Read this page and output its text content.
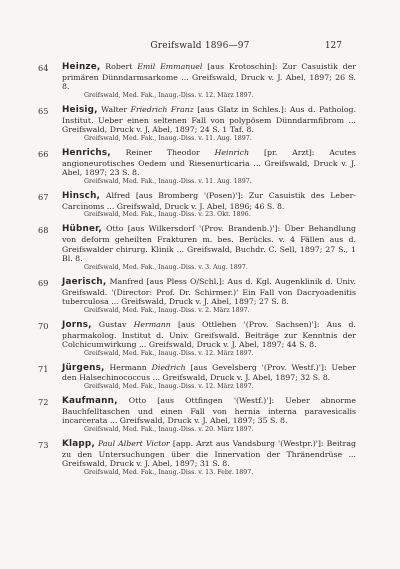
Greifswald 1896—97	127
64	Heinze, Robert Emil Emmanuel [aus Krotoschin]: Zur Casuistik der primären Dünndarmsarkome ... Greifswald, Druck v. J. Abel, 1897; 26 S. 8.
Greifswald, Med. Fak., Inaug.-Diss. v. 12. März 1897.
65	Heisig, Walter Friedrich Franz [aus Glatz in Schles.]: Aus d. Patholog. Institut. Ueber einen seltenen Fall von polypösem Dünndarmfibrom ... Greifswald, Druck v. J. Abel, 1897; 24 S. 1 Taf. 8.
Greifswald, Med. Fak., Inaug.-Diss. v. 11. Aug. 1897.
66	Henrichs, Reiner Theodor Heinrich [pr. Arzt]: Acutes angioneurotisches Oedem und Riesenurticaria ... Greifswald, Druck v. J. Abel, 1897; 23 S. 8.
Greifswald, Med. Fak., Inaug.-Diss. v. 11. Aug. 1897.
67	Hinsch, Alfred [aus Bromberg '(Posen)']: Zur Casuistik des Leber-Carcinoms ... Greifswald, Druck v. J. Abel, 1896; 46 S. 8.
Greifswald, Med. Fak., Inaug.-Diss. v. 23. Okt. 1896.
68	Hübner, Otto [aus Wilkersdorf '(Prov. Brandenb.)']: Über Behandlung von deform geheilten Frakturen m. bes. Berücks. v. 4 Fällen aus d. Greifswalder chirurg. Klinik ... Greifswald, Buchdr. C. Sell, 1897; 27 S., 1 Bl. 8.
Greifswald, Med. Fak., Inaug.-Diss. v. 3. Aug. 1897.
69	Jaerisch, Manfred [aus Pless O/Schl.]: Aus d. Kgl. Augenklinik d. Univ. Greifswald. '(Director: Prof. Dr. Schirmer.)' Ein Fall von Dacryoadenitis tuberculosa ... Greifswald, Druck v. J. Abel, 1897; 27 S. 8.
Greifswald, Med. Fak., Inaug.-Diss. v. 2. März 1897.
70	Jorns, Gustav Hermann [aus Ottleben '(Prov. Sachsen)']: Aus d. pharmakolog. Institut d. Univ. Greifswald. Beiträge zur Kenntnis der Colchicumwirkung ... Greifswald, Druck v. J. Abel, 1897; 44 S. 8.
Greifswald, Med. Fak., Inaug.-Diss. v. 12. März 1897.
71	Jürgens, Hermann Diedrich [aus Gevelsberg '(Prov. Westf.)']: Ueber den Halsechinococcus ... Greifswald, Druck v. J. Abel, 1897; 32 S. 8.
Greifswald, Med. Fak., Inaug.-Diss. v. 12. März 1897.
72	Kaufmann, Otto [aus Ottfingen '(Westf.)']: Ueber abnorme Bauchfelltaschen und einen Fall von hernia interna paravesicalis incarcerata ... Greifswald, Druck v. J. Abel, 1897; 35 S. 8.
Greifswald, Med. Fak., Inaug.-Diss. v. 20. März 1897.
73	Klapp, Paul Albert Victor [app. Arzt aus Vandsburg '(Westpr.)']: Beitrag zu den Untersuchungen über die Innervation der Thränendrüse ... Greifswald, Druck v. J. Abel, 1897; 31 S. 8.
Greifswald, Med. Fak., Inaug.-Diss. v. 13. Febr. 1897.
